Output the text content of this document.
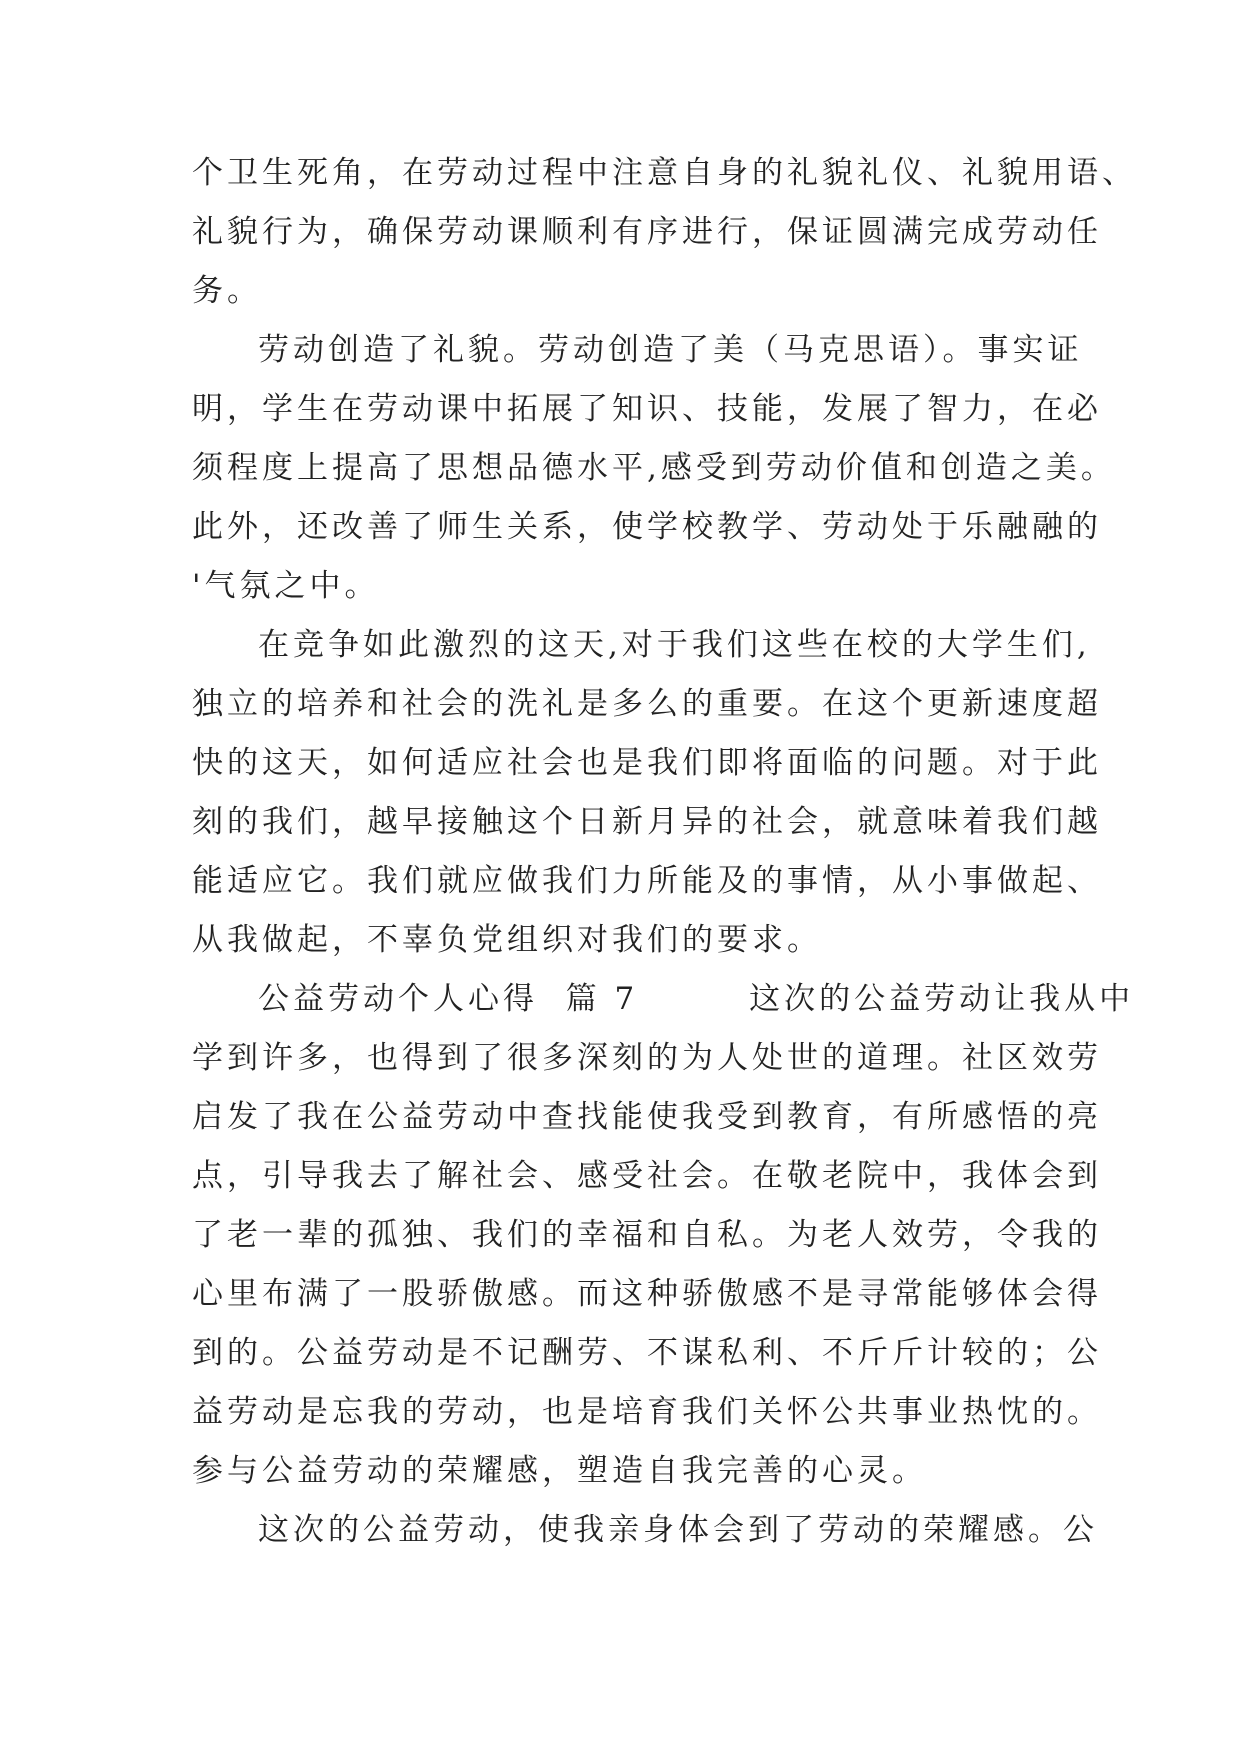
个卫生死角，在劳动过程中注意自身的礼貌礼仪、礼貌用语、
礼貌行为，确保劳动课顺利有序进行，保证圆满完成劳动任
务。
劳动创造了礼貌。劳动创造了美（马克思语）。事实证
明，学生在劳动课中拓展了知识、技能，发展了智力，在必
须程度上提高了思想品德水平,感受到劳动价值和创造之美。
此外，还改善了师生关系，使学校教学、劳动处于乐融融的
'气氛之中。
在竞争如此激烈的这天,对于我们这些在校的大学生们,
独立的培养和社会的洗礼是多么的重要。在这个更新速度超
快的这天，如何适应社会也是我们即将面临的问题。对于此
刻的我们，越早接触这个日新月异的社会，就意味着我们越
能适应它。我们就应做我们力所能及的事情，从小事做起、
从我做起，不辜负党组织对我们的要求。
公益劳动个人心得  篇 7        这次的公益劳动让我从中
学到许多，也得到了很多深刻的为人处世的道理。社区效劳
启发了我在公益劳动中查找能使我受到教育，有所感悟的亮
点，引导我去了解社会、感受社会。在敬老院中，我体会到
了老一辈的孤独、我们的幸福和自私。为老人效劳，令我的
心里布满了一股骄傲感。而这种骄傲感不是寻常能够体会得
到的。公益劳动是不记酬劳、不谋私利、不斤斤计较的；公
益劳动是忘我的劳动，也是培育我们关怀公共事业热忱的。
参与公益劳动的荣耀感，塑造自我完善的心灵。
这次的公益劳动，使我亲身体会到了劳动的荣耀感。公
